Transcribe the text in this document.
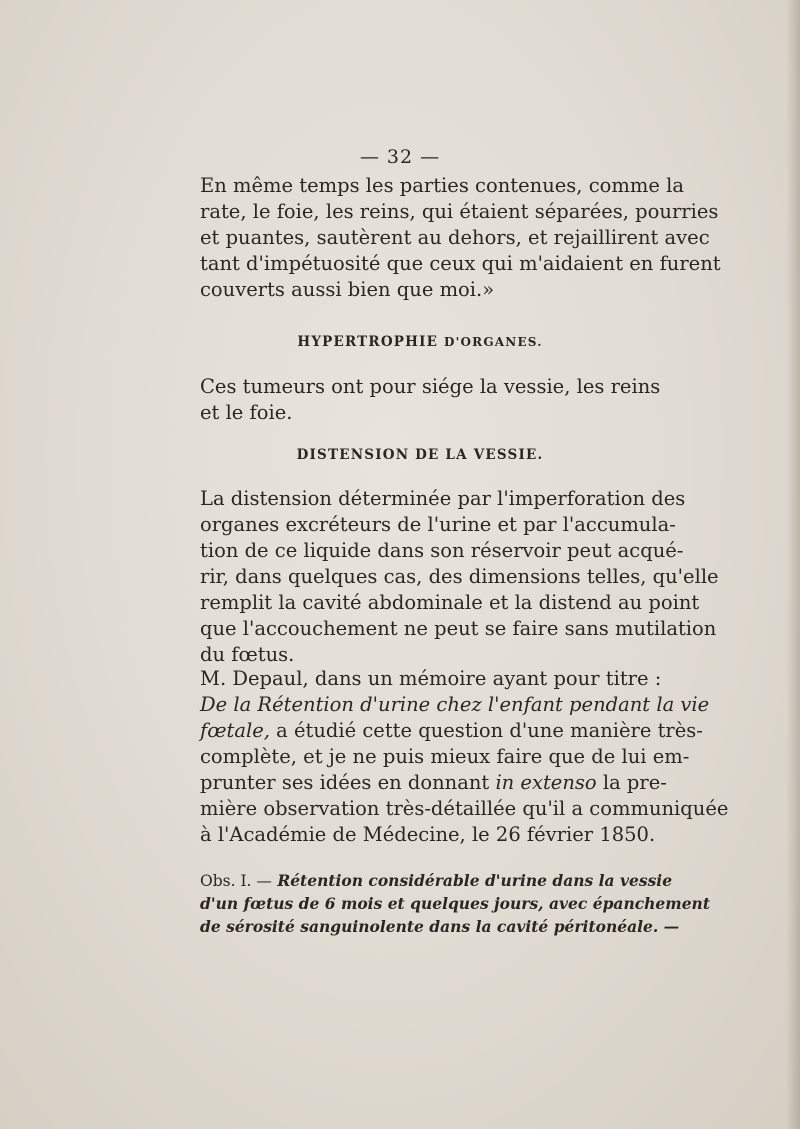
— 32 —
En même temps les parties contenues, comme la
rate, le foie, les reins, qui étaient séparées, pourries
et puantes, sautèrent au dehors, et rejaillirent avec
tant d'impétuosité que ceux qui m'aidaient en furent
couverts aussi bien que moi.»
HYPERTROPHIE D'ORGANES.
Ces tumeurs ont pour siége la vessie, les reins
et le foie.
DISTENSION DE LA VESSIE.
La distension déterminée par l'imperforation des
organes excréteurs de l'urine et par l'accumula-
tion de ce liquide dans son réservoir peut acqué-
rir, dans quelques cas, des dimensions telles, qu'elle
remplit la cavité abdominale et la distend au point
que l'accouchement ne peut se faire sans mutilation
du fœtus.
M. Depaul, dans un mémoire ayant pour titre :
De la Rétention d'urine chez l'enfant pendant la vie
fœtale, a étudié cette question d'une manière très-
complète, et je ne puis mieux faire que de lui em-
prunter ses idées en donnant in extenso la pre-
mière observation très-détaillée qu'il a communiquée
à l'Académie de Médecine, le 26 février 1850.
Obs. I. — Rétention considérable d'urine dans la vessie
d'un fœtus de 6 mois et quelques jours, avec épanchement
de sérosité sanguinolente dans la cavité péritonéale. —
